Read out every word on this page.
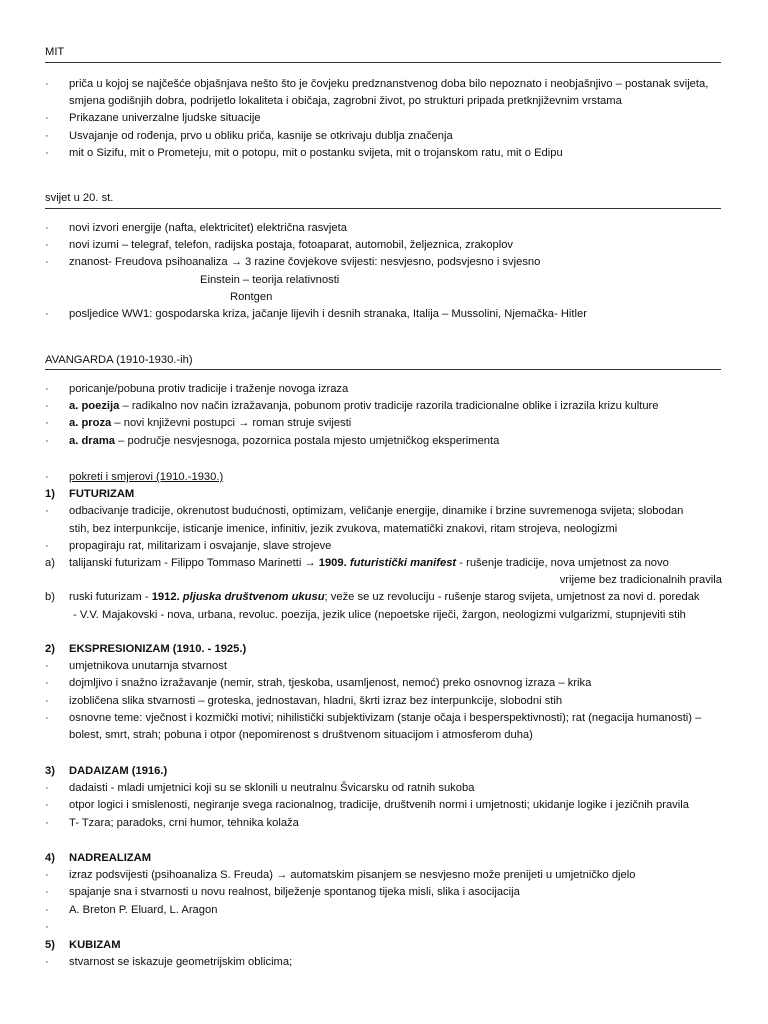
MIT
·	priča u kojoj se najčešće objašnjava nešto što je čovjeku predznanstvenog doba bilo nepoznato i neobjašnjivo – postanak svijeta,
smjena godišnjih dobra, podrijetlo lokaliteta i običaja, zagrobni život, po strukturi pripada pretknjiževnim vrstama
·	Prikazane univerzalne ljudske situacije
·	Usvajanje od rođenja, prvo u obliku priča, kasnije se otkrivaju dublja značenja
·	mit o Sizifu, mit o Prometeju, mit o potopu, mit o postanku svijeta, mit o trojanskom ratu, mit o Edipu
svijet u 20. st.
·	novi izvori energije (nafta, elektricitet) električna rasvjeta
·	novi izumi – telegraf, telefon, radijska postaja, fotoaparat, automobil, željeznica, zrakoplov
·	znanost- Freudova psihoanaliza → 3 razine čovjekove svijesti: nesvjesno, podsvjesno i svjesno
Einstein – teorija relativnosti
Rontgen
·	posljedice WW1: gospodarska kriza, jačanje lijevih i desnih stranaka, Italija – Mussolini, Njemačka- Hitler
AVANGARDA (1910-1930.-ih)
·	poricanje/pobuna protiv tradicije i traženje novoga izraza
·	a. poezija – radikalno nov način izražavanja, pobunom protiv tradicije razorila tradicionalne oblike i izrazila krizu kulture
·	a. proza – novi književni postupci → roman struje svijesti
·	a. drama – područje nesvjesnoga, pozornica postala mjesto umjetničkog eksperimenta
·	pokreti i smjerovi (1910.-1930.)
1) FUTURIZAM
·	odbacivanje tradicije, okrenutost budućnosti, optimizam, veličanje energije, dinamike i brzine suvremenoga svijeta; slobodan
stih, bez interpunkcije, isticanje imenice, infinitiv, jezik zvukova, matematički znakovi, ritam strojeva, neologizmi
·	propagiraju rat, militarizam i osvajanje, slave strojeve
a) talijanski futurizam - Filippo Tommaso Marinetti → 1909. futuristički manifest - rušenje tradicije, nova umjetnost za novo
vrijeme bez tradicionalnih pravila
b) ruski futurizam - 1912. pljuska društvenom ukusu; veže se uz revoluciju - rušenje starog svijeta, umjetnost za novi d. poredak
- V.V. Majakovski - nova, urbana, revoluc. poezija, jezik ulice (nepoetske riječi, žargon, neologizmi vulgarizmi, stupnjeviti stih
2) EKSPRESIONIZAM (1910. - 1925.)
·	umjetnikova unutarnja stvarnost
·	dojmljivo i snažno izražavanje (nemir, strah, tjeskoba, usamljenost, nemoć) preko osnovnog izraza – krika
·	izobličena slika stvarnosti – groteska, jednostavan, hladni, škrti izraz bez interpunkcije, slobodni stih
·	osnovne teme: vječnost i kozmički motivi; nihilistički subjektivizam (stanje očaja i besperspektivnosti); rat (negacija humanosti) –
bolest, smrt, strah; pobuna i otpor (nepomirenost s društvenom situacijom i atmosferom duha)
3) DADAIZAM (1916.)
·	dadaisti - mladi umjetnici koji su se sklonili u neutralnu Švicarsku od ratnih sukoba
·	otpor logici i smislenosti, negiranje svega racionalnog, tradicije, društvenih normi i umjetnosti; ukidanje logike i jezičnih pravila
·	T- Tzara; paradoks, crni humor, tehnika kolaža
4) NADREALIZAM
·	izraz podsvijesti (psihoanaliza S. Freuda) → automatskim pisanjem se nesvjesno može prenijeti u umjetničko djelo
·	spajanje sna i stvarnosti u novu realnost, bilježenje spontanog tijeka misli, slika i asocijacija
·	A. Breton P. Eluard, L. Aragon
·

5) KUBIZAM
·	stvarnost se iskazuje geometrijskim oblicima;
